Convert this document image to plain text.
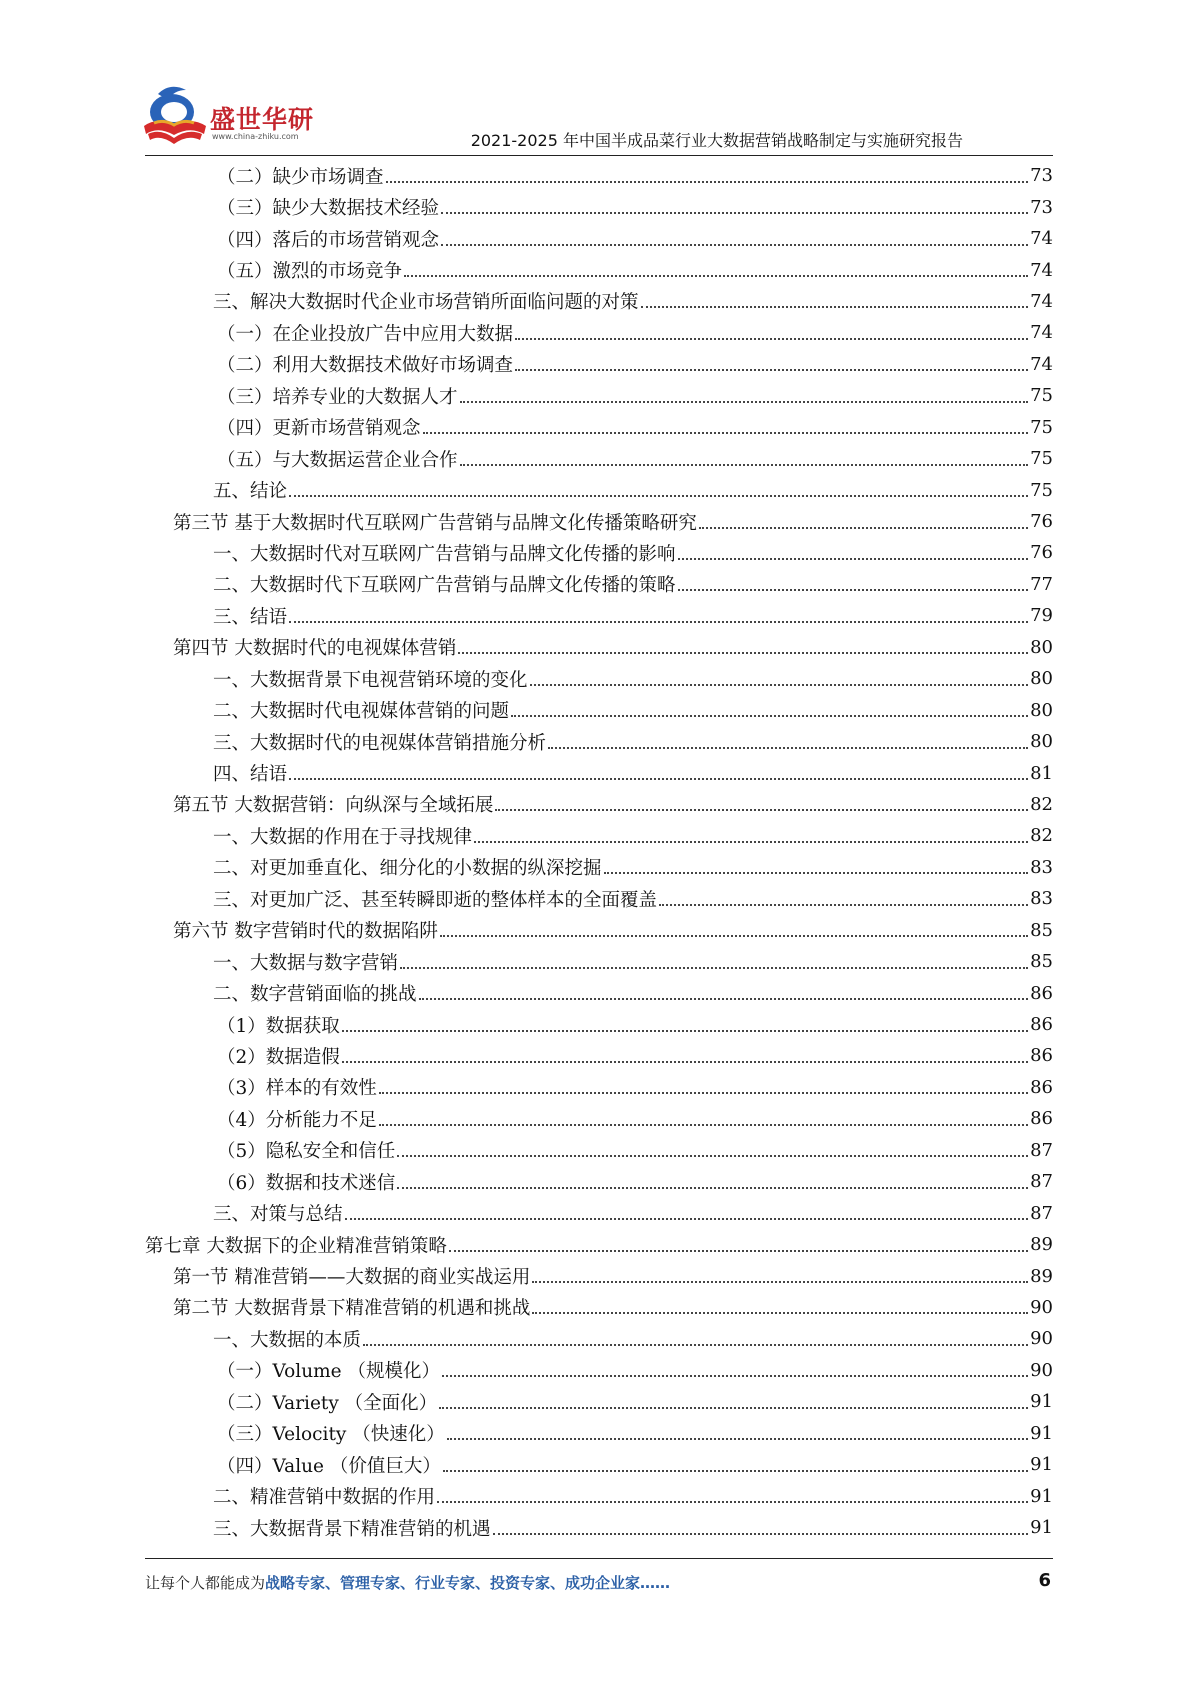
盛世华研
www.china-zhiku.com	2021-2025 年中国半成品菜行业大数据营销战略制定与实施研究报告
（二）缺少市场调查	73
（三）缺少大数据技术经验	73
（四）落后的市场营销观念	74
（五）激烈的市场竞争	74
三、解决大数据时代企业市场营销所面临问题的对策	74
（一）在企业投放广告中应用大数据	74
（二）利用大数据技术做好市场调查	74
（三）培养专业的大数据人才	75
（四）更新市场营销观念	75
（五）与大数据运营企业合作	75
五、结论	75
第三节 基于大数据时代互联网广告营销与品牌文化传播策略研究	76
一、大数据时代对互联网广告营销与品牌文化传播的影响	76
二、大数据时代下互联网广告营销与品牌文化传播的策略	77
三、结语	79
第四节 大数据时代的电视媒体营销	80
一、大数据背景下电视营销环境的变化	80
二、大数据时代电视媒体营销的问题	80
三、大数据时代的电视媒体营销措施分析	80
四、结语	81
第五节 大数据营销：向纵深与全域拓展	82
一、大数据的作用在于寻找规律	82
二、对更加垂直化、细分化的小数据的纵深挖掘	83
三、对更加广泛、甚至转瞬即逝的整体样本的全面覆盖	83
第六节 数字营销时代的数据陷阱	85
一、大数据与数字营销	85
二、数字营销面临的挑战	86
（1）数据获取	86
（2）数据造假	86
（3）样本的有效性	86
（4）分析能力不足	86
（5）隐私安全和信任	87
（6）数据和技术迷信	87
三、对策与总结	87
第七章 大数据下的企业精准营销策略	89
第一节 精准营销——大数据的商业实战运用	89
第二节 大数据背景下精准营销的机遇和挑战	90
一、大数据的本质	90
（一）Volume （规模化）	90
（二）Variety （全面化）	91
（三）Velocity （快速化）	91
（四）Value （价值巨大）	91
二、精准营销中数据的作用	91
三、大数据背景下精准营销的机遇	91
让每个人都能成为战略专家、管理专家、行业专家、投资专家、成功企业家……	6
